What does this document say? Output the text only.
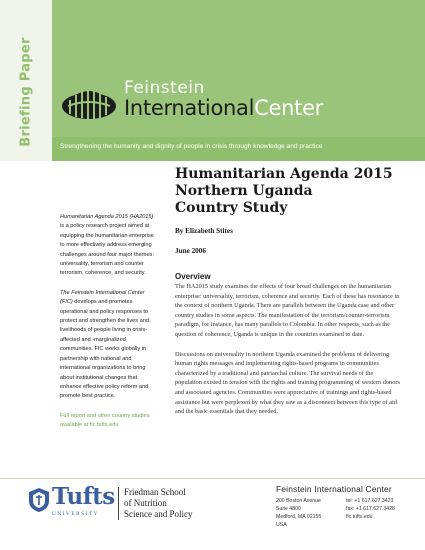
Briefing Paper	Feinstein
InternationalCenter
Strengthening the humanity and dignity of people in crisis through knowledge and practice

Humanitarian Agenda 2015 (HA2015) is a policy research project aimed at equipping the humanitarian enterprise to more effectively address emerging challenges around four major themes: universality, terrorism and counter terrorism, coherence, and security.

The Feinstein International Center (FIC) develops and promotes operational and policy responses to protect and strengthen the lives and livelihoods of people living in crisis-affected and -marginalized communities. FIC works globally in partnership with national and international organizations to bring about institutional changes that enhance effective policy reform and promote best practice.

Full report and other country studies available at fic.tufts.edu

Humanitarian Agenda 2015
Northern Uganda
Country Study
By Elizabeth Stites
June 2006
Overview

The HA2015 study examines the effects of four broad challenges on the humanitarian enterprise: universality, terrorism, coherence and security. Each of these has resonance in the context of northern Uganda. There are parallels between the Uganda case and other country studies in some aspects. The manifestation of the terrorism/counter-terrorism paradigm, for instance, has many parallels to Colombia. In other respects, such as the question of coherence, Uganda is unique in the countries examined to date.

Discussions on universality in northern Uganda examined the problems of delivering human rights messages and implementing rights-based programs in communities characterized by a traditional and patriarchal culture. The survival needs of the population existed in tension with the rights and training programming of western donors and associated agencies. Communities were appreciative of trainings and rights-based assistance but were perplexed by what they saw as a disconnect between this type of aid and the basic essentials that they needed.

Tufts
UNIVERSITY
Friedman School
of Nutrition
Science and Policy
Feinstein International Center
200 Boston Avenue
Suite 4800
Medford, MA 02155
USA
tel: +1 617.627.3423
fax: +1 617.627.3428
fic.tufts.edu
